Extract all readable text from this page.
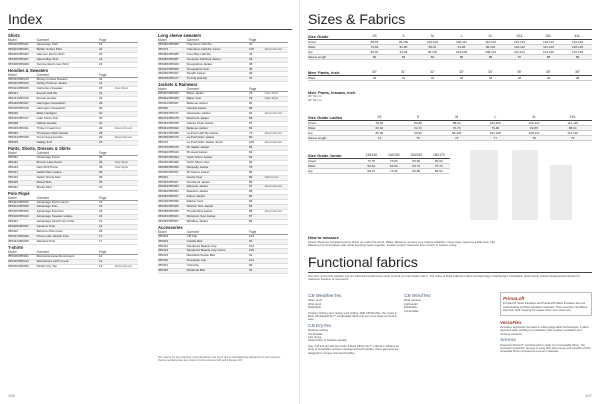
Index
Shirts
Model	Garment	Page
355410/355411	Advantage Shirt	19
355404/355401	Belfair Oxford Shirt	22
355402/355403	Hanover Denim Shirt	20
355406/355407	Hanna Bay Shirt	19
355408/355409	Summerland Linen Shirt	21
Hoodies & Sweaters
Model	Garment	Page
355412/355413	Bishop Knitted Sweater	33
355422/355423	Ashley Pullover Jacket	31
355424/355425	Carbonton Sweater	25	New Style
355421	Everett Half Zip	31
355414/355415	Everett Hoodie	33
355426/355427	Harrington Sweatshirt	28
355418/355419	Harrington Sweatshirt	30
355420	Eldar Cardigan	32
355416/355417	Lake Shore Knit	30
355428	Nathan Hoodie	32
355430/355431	Timber Creek Knit	29	Discontinued
355433	Thompson Park Hoodie	28
355434/355435	Trout Creek Hoodie	29	Discontinued
355436	Oakley Knit	33
Pants, Shorts, Dresses & Skirts
Model	Garment	Page
355462	Advantage Dress	35
355411	Bronco Lake Pants	36	New Style
355413	New Shift Pants	36	New Style
355421	Salish Park Ladies	36
355423	Salish Shorts Men	36
355425	Mixed Skirt	35
355432	Brielle Skirt	37
Polo Piqué
Model	Garment	Page
355422/355423	Advantage Performance	15
355404/355405	Advantage Polo	15
355402/355403	Advantage Premium	16
355418/355419	Advantage Sweater Ladies	16
355401	Advantage Stretch Ap Collar	15
355406/355407	Advance Polo	15
355410	Belmore Polo Crew	18
355421/355420	Ocean side Stretch Polo	17
355424/355425	Rainbow Polo	17
T-shirts
Model	Garment	Page
355400/355401	Manzanita Hotel Roundneck	12
355412/355413	Manzanita Lofoff V-neck	12
355402/355403	Pacific City Tee	13	Discontinued
Long sleeve sweaters
Model	Garment	Page
355482/355483	Chambers Half Zip	35
355473	Chambers Half Zip Junior	105	Discontinued
355480/355485	Coos Bay Half Zip	34
355486/355487	Nordpole Softshell Jacket	39
355468/355469	Snoqualmie Jacket	38
355464/355465	Snoqualmie Vest	38
355466/355467	Stealth Jacket	39
355478/355477	Trosvik Half Zip	37
Jackets & Rainwear
Model	Garment	Page
355462/355463	Baker Jacket	79	New Style
355464/355465	Baker Vest	79	New Style
355461/355467	Bellevue Jacket	84
355462	Cambel Jacket	83
355468/355471	Clearwater Jacket	81	Discontinued
355473/355475	Flat Point Jacket	83
355489/355499	Glacier Peak Jacket	87
355491/355493	Bellevue Jacket	84
355481/355485	La Push Half Zip Jacket	73	Discontinued
355466/355476	La Push Rain Jacket	80
355472	La Push Rain Jacket Junior	105	Discontinued
355476/355473	Mt Hadler Jacket	83
355492/355443	Mt Hood Jacket	82
355456/355454	North Shore Jacket	84
355445/355466	North Shore Vest	84
355458/355459	Nisqually Jacket	78
355466/355457	Mt Adams Jacket	85
355461	Ocelot Vest	80	New Color
355466/355467	Pembrook Jacket	85
355463/355463	Rainside Jacket	87	Discontinued
355460/355451	Reaction Jacket	86
355463/355457	Ruben Jacket	82
355448/355450	Rubber Vest	82
355446/355460	Stratton 3in1 Jacket	84
355468/355459	Thunderbird Jacket	86	Discontinued
355463/355461	Wetsdom Vest Jacket	87
355465/355457	Whidbey Jacket	86
Accessories
Model	Garment	Page
355403	CB Cap	104
355404	Colville Belt	90
355412	Sandpoint Beanie Cap	104
355413	Sandpoint Beanie Cap Junior	105
355443	Mansfield Suede Belt	91
355410	Pineapple Cap	104
355401	Umbrella	90
355430	Wetlands Belt	91
We reserve for any misprints, minor deviations can occur due to manufacturing tolerances or print reasons. Recommended prices are shown in both exclusive VAT and inclusive VAT.
106
Sizes & Fabrics
Size Guide	XS	S	M	L	XL	XXL	3XL	4XL
Chest	88-93	93-100	100-106	106-112	112-118	120-124	126-132	132-140
Waist	76-81	81-86	86-91	91-96	96-104	104-112	112-120	120-128
Hip	86-91	91-96	96-102	102-108	108-114	116-122	124-130	132-138
Sleeve length	82	83	84	85	86	87	88	89
Men' Pants, inch	30"	31"	32"	33"	34"	35"	36"	38"
Waist	30	31	32	33	34	35	36	38
Men' Pants, Inseam, inch
30" 32 cm
32" 81 cm
Size Guide Ladies	XS	S	M	L	XL	XXL
Chest	78-84	84-88	88-94	100-106	106-112	112-118
Waist	60-64	64-70	70-76	76-82	82-88	88-94
Hip	86-90	90-96	96-102	102-108	108-114	114-120
Sleeve length	74	75	76	77	78	79
Size Guide Junior	130/140	140/150	150/160	160/170
Chest	70-76	76-83	83-90	90-94
Waist	59-64	62-66	66-70	70-74
Hip	68-74	74-80	80-86	86-92
How to measure
Chest: Measure broadest part of chest up under the arms. Waist: Measure around your natural waistline. Keep tape measure a little lose. Hip: Measure hip at broadest part while keeping heels together. Inseam length: Measure from crotch to bottom of leg.
Functional fabrics
You can't control the weather, but our advanced performance wear is proof you can shelter with it. The Cutter & Buck collection offers a broad range of lightweight, breathable, quick-drying clothes designed with stretch for maximum freedom of movement.
CB WeatherTec
Water proof
Wind proof
Breathable
Outdoor clothing can't reduce wind chilling. With CB WindTec, the Cutter & Buck CB WeatherTec™ windbreaker fabric lets you move freely and feel at ease.
CB DryTec
Moisture-wicking
Comfortable
Fast drying
Allows fabric to breathe naturally
Stay cool and dry with the Cutter & Buck CB DryTec™ collection. Wicking an array of breathable moisture management technologies, these garments are designed to conquer heat and humidity.
CB WindTec
Wind resistant
Lightweight
Breathable
Comfortable
PrimaLoft
PrimaLoft® Silver Insulation and PrimaLoft® Black Insulation Eco are world-leading synthetic insulation materials. Their superfine microfibres trap body heat, keeping the wearer warm even when wet.
VersaFlex
VersaFlex represents the latest in cutting edge fabric technologies. It offers wind and water proofing in combination with excellent ventilation and moisture transport.
Sorona
Sustane® DuPont™ and Sorona® is made out of renewable fibres. The Sustane® production process is using 30% less energy and consists of 37% renewable fibres compared to common materials.
107
